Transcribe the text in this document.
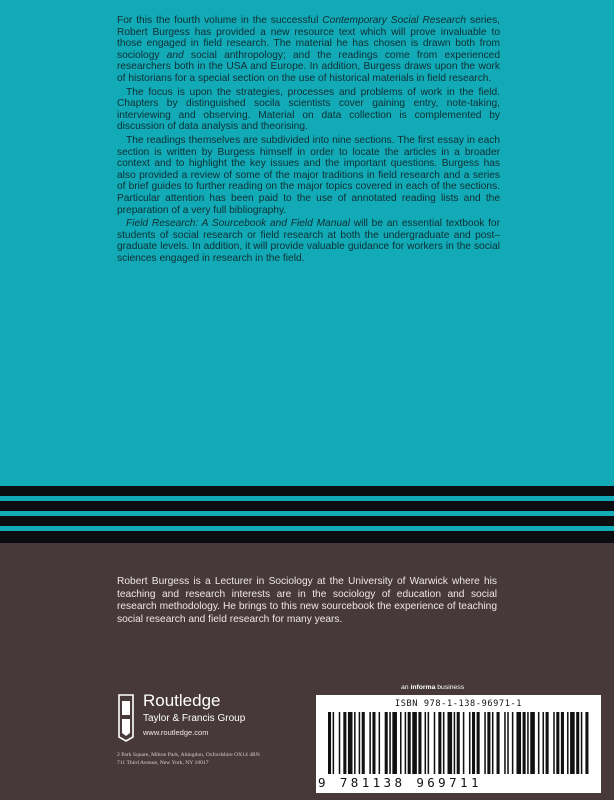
For this the fourth volume in the successful Contemporary Social Research series, Robert Burgess has provided a new resource text which will prove invaluable to those engaged in field research. The material he has chosen is drawn both from sociology and social anthropology; and the readings come from experienced researchers both in the USA and Europe. In addition, Burgess draws upon the work of historians for a special section on the use of historical materials in field research.

The focus is upon the strategies, processes and problems of work in the field. Chapters by distinguished socila scientists cover gaining entry, note-taking, interviewing and observing. Material on data collection is complemented by discussion of data analysis and theorising.

The readings themselves are subdivided into nine sections. The first essay in each section is written by Burgess himself in order to locate the articles in a broader context and to highlight the key issues and the important questions. Burgess has also provided a review of some of the major traditions in field research and a series of brief guides to further reading on the major topics covered in each of the sections. Particular attention has been paid to the use of annotated reading lists and the preparation of a very full bibliography.

Field Research: A Sourcebook and Field Manual will be an essential textbook for students of social research or field research at both the undergraduate and post–graduate levels. In addition, it will provide valuable guidance for workers in the social sciences engaged in research in the field.

Robert Burgess is a Lecturer in Sociology at the University of Warwick where his teaching and research interests are in the sociology of education and social research methodology. He brings to this new sourcebook the experience of teaching social research and field research for many years.

Routledge
Taylor & Francis Group
www.routledge.com
2 Park Square, Milton Park, Abingdon, Oxfordshire OX14 4RN
711 Third Avenue, New York, NY 10017
an informa business
ISBN 978-1-138-96971-1
9 781138 969711
